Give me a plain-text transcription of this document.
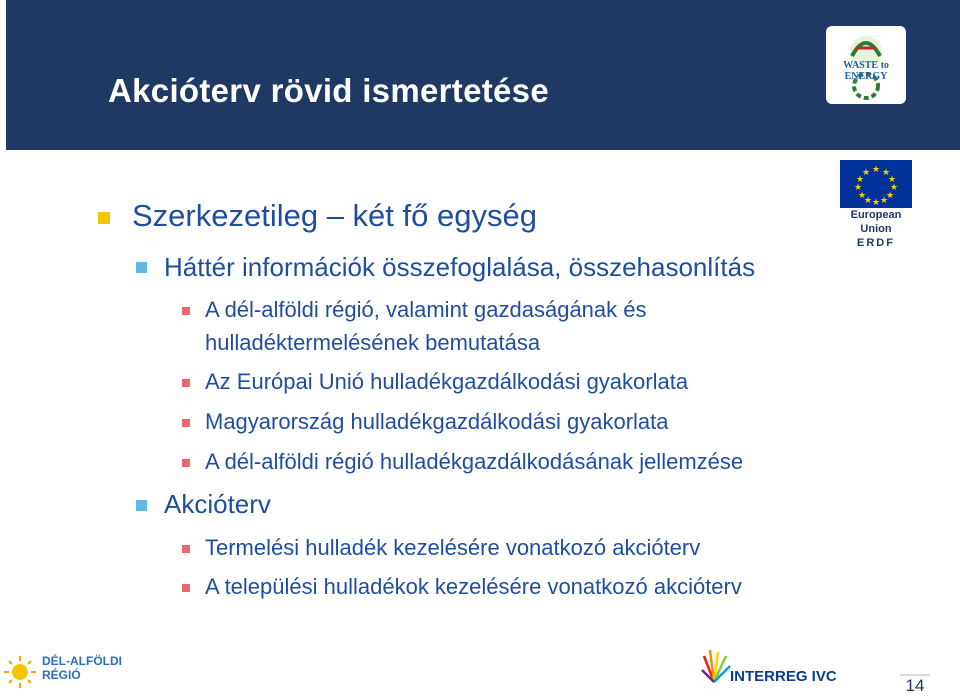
Akcióterv rövid ismertetése
WASTE to ENERGY
★ ★
★
★
★
★
★
★
★
★
★
★
European Union
ERDF
Szerkezetileg – két fő egység
Háttér információk összefoglalása, összehasonlítás
A dél-alföldi régió, valamint gazdaságának és
hulladéktermelésének bemutatása
Az Európai Unió hulladékgazdálkodási gyakorlata
Magyarország hulladékgazdálkodási gyakorlata
A dél-alföldi régió hulladékgazdálkodásának jellemzése
Akcióterv
Termelési hulladék kezelésére vonatkozó akcióterv
A települési hulladékok kezelésére vonatkozó akcióterv
DÉL-ALFÖLDI
RÉGIÓ	INTERREG IVC	14
